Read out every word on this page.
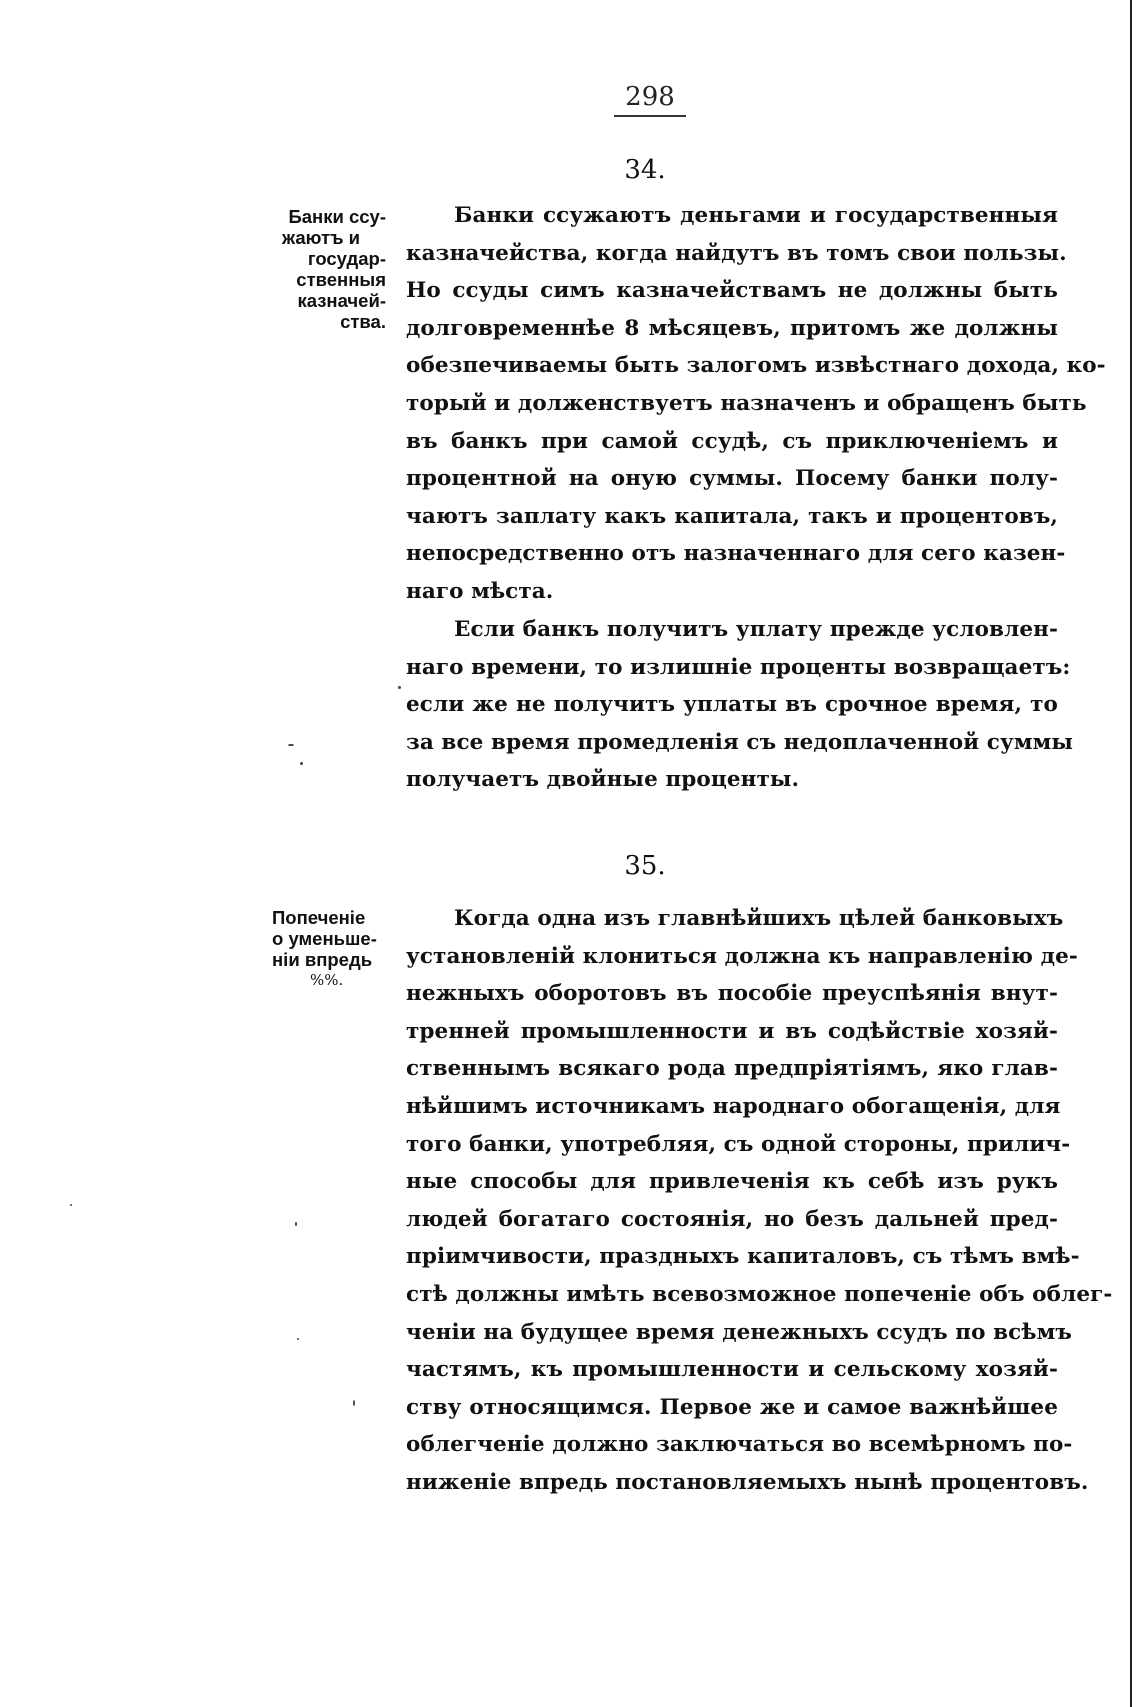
298
34.
Банки ссу-
жаютъ и
государ-
ственныя
казначей-
ства.
Банки ссужаютъ деньгами и государственныя
казначейства, когда найдутъ въ томъ свои пользы.
Но ссуды симъ казначействамъ не должны быть
долговременнѣе 8 мѣсяцевъ, притомъ же должны
обезпечиваемы быть залогомъ извѣстнаго дохода, ко-
торый и долженствуетъ назначенъ и обращенъ быть
въ банкъ при самой ссудѣ, съ приключеніемъ и
процентной на оную суммы. Посему банки полу-
чаютъ заплату какъ капитала, такъ и процентовъ,
непосредственно отъ назначеннаго для сего казен-
наго мѣста.
Если банкъ получитъ уплату прежде условлен-
наго времени, то излишніе проценты возвращаетъ:
если же не получитъ уплаты въ срочное время, то
за все время промедленія съ недоплаченной суммы
получаетъ двойные проценты.
35.
Попеченіе
о уменьше-
ніи впредь
%%.
Когда одна изъ главнѣйшихъ цѣлей банковыхъ
установленій клониться должна къ направленію де-
нежныхъ оборотовъ въ пособіе преуспѣянія внут-
тренней промышленности и въ содѣйствіе хозяй-
ственнымъ всякаго рода предпріятіямъ, яко глав-
нѣйшимъ источникамъ народнаго обогащенія, для
того банки, употребляя, съ одной стороны, прилич-
ные способы для привлеченія къ себѣ изъ рукъ
людей богатаго состоянія, но безъ дальней пред-
пріимчивости, праздныхъ капиталовъ, съ тѣмъ вмѣ-
стѣ должны имѣть всевозможное попеченіе объ облег-
ченіи на будущее время денежныхъ ссудъ по всѣмъ
частямъ, къ промышленности и сельскому хозяй-
ству относящимся. Первое же и самое важнѣйшее
облегченіе должно заключаться во всемѣрномъ по-
ниженіе впредь постановляемыхъ нынѣ процентовъ.
